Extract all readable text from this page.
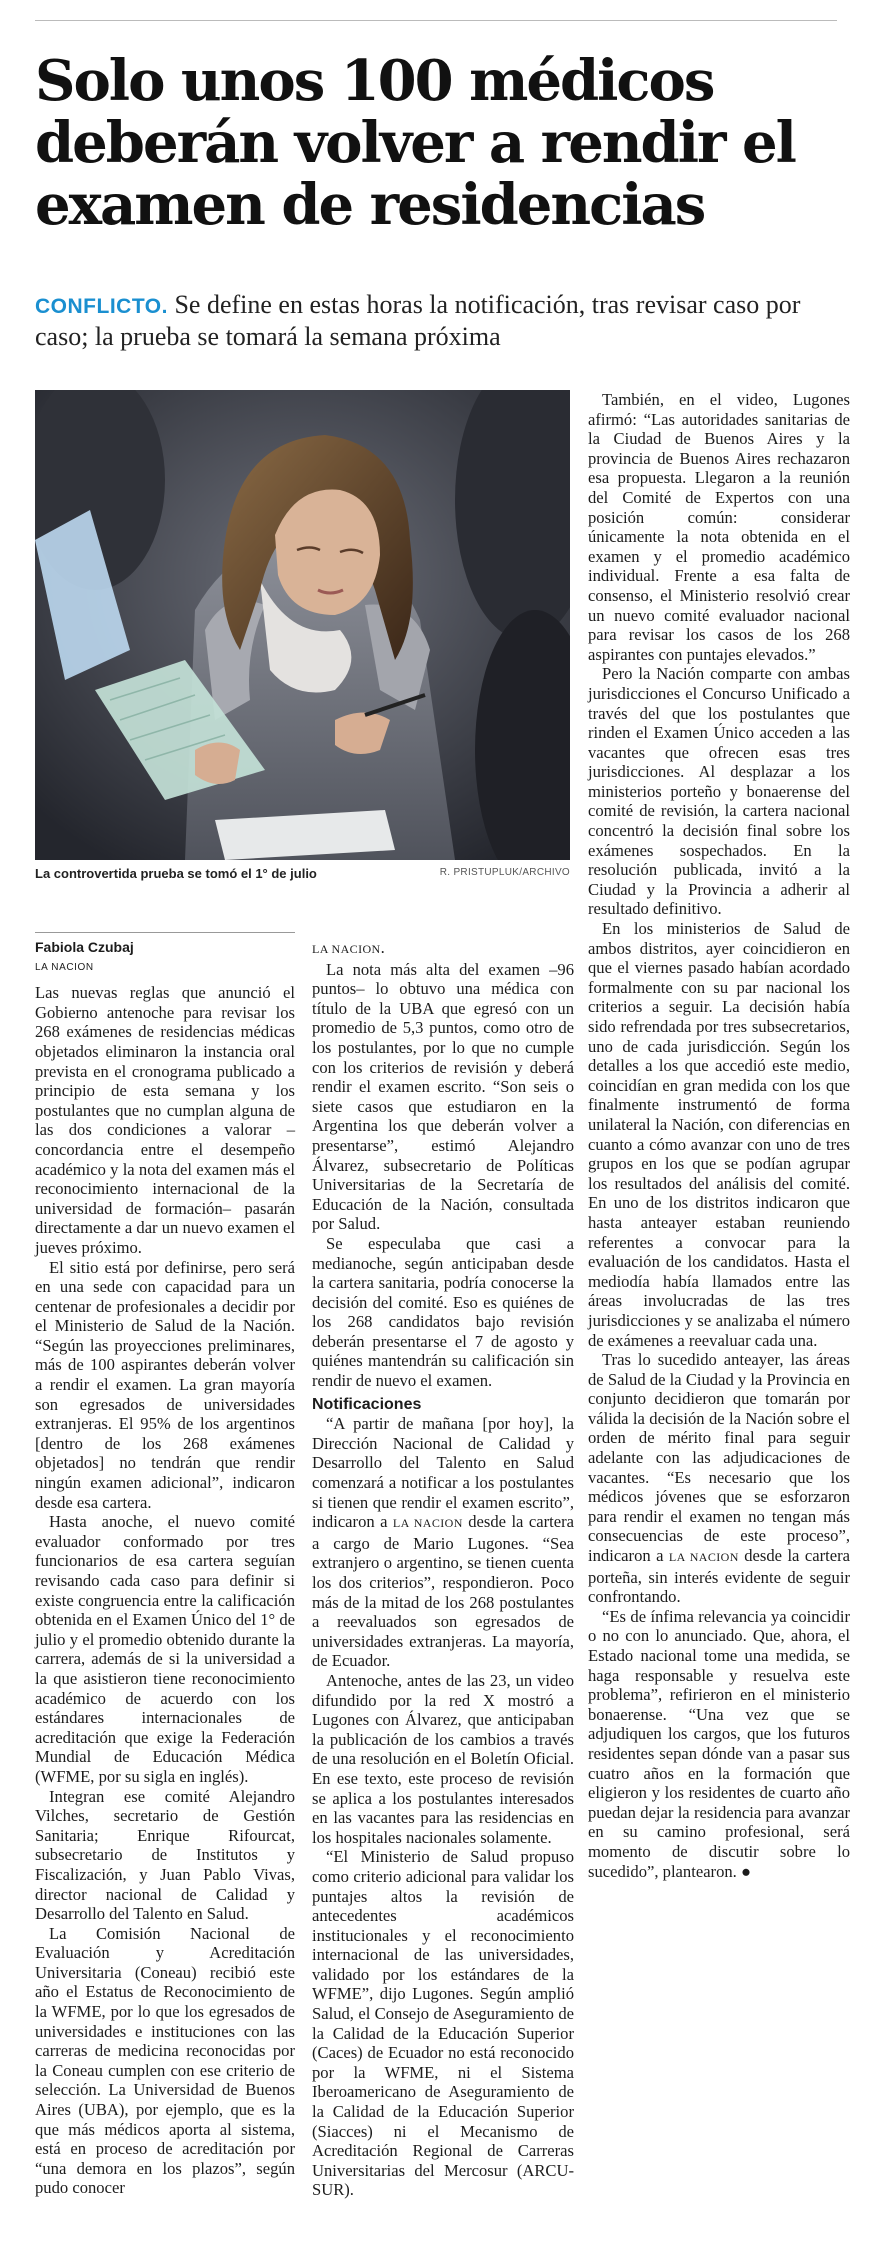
Solo unos 100 médicos deberán volver a rendir el examen de residencias
CONFLICTO. Se define en estas horas la notificación, tras revisar caso por caso; la prueba se tomará la semana próxima
La controvertida prueba se tomó el 1° de julio	R. PRISTUPLUK/ARCHIVO

Fabiola Czubaj

LA NACION

Las nuevas reglas que anunció el Gobierno antenoche para revisar los 268 exámenes de residencias médicas objetados eliminaron la instancia oral prevista en el cronograma publicado a principio de esta semana y los postulantes que no cumplan alguna de las dos condiciones a valorar –concordancia entre el desempeño académico y la nota del examen más el reconocimiento internacional de la universidad de formación– pasarán directamente a dar un nuevo examen el jueves próximo.

El sitio está por definirse, pero será en una sede con capacidad para un centenar de profesionales a decidir por el Ministerio de Salud de la Nación. “Según las proyecciones preliminares, más de 100 aspirantes deberán volver a rendir el examen. La gran mayoría son egresados de universidades extranjeras. El 95% de los argentinos [dentro de los 268 exámenes objetados] no tendrán que rendir ningún examen adicional”, indicaron desde esa cartera.

Hasta anoche, el nuevo comité evaluador conformado por tres funcionarios de esa cartera seguían revisando cada caso para definir si existe congruencia entre la calificación obtenida en el Examen Único del 1° de julio y el promedio obtenido durante la carrera, además de si la universidad a la que asistieron tiene reconocimiento académico de acuerdo con los estándares internacionales de acreditación que exige la Federación Mundial de Educación Médica (WFME, por su sigla en inglés).

Integran ese comité Alejandro Vilches, secretario de Gestión Sanitaria; Enrique Rifourcat, subsecretario de Institutos y Fiscalización, y Juan Pablo Vivas, director nacional de Calidad y Desarrollo del Talento en Salud.

La Comisión Nacional de Evaluación y Acreditación Universitaria (Coneau) recibió este año el Estatus de Reconocimiento de la WFME, por lo que los egresados de universidades e instituciones con las carreras de medicina reconocidas por la Coneau cumplen con ese criterio de selección. La Universidad de Buenos Aires (UBA), por ejemplo, que es la que más médicos aporta al sistema, está en proceso de acreditación por “una demora en los plazos”, según pudo conocer

LA NACION.

La nota más alta del examen –96 puntos– lo obtuvo una médica con título de la UBA que egresó con un promedio de 5,3 puntos, como otro de los postulantes, por lo que no cumple con los criterios de revisión y deberá rendir el examen escrito. “Son seis o siete casos que estudiaron en la Argentina los que deberán volver a presentarse”, estimó Alejandro Álvarez, subsecretario de Políticas Universitarias de la Secretaría de Educación de la Nación, consultada por Salud.

Se especulaba que casi a medianoche, según anticipaban desde la cartera sanitaria, podría conocerse la decisión del comité. Eso es quiénes de los 268 candidatos bajo revisión deberán presentarse el 7 de agosto y quiénes mantendrán su calificación sin rendir de nuevo el examen.

Notificaciones

“A partir de mañana [por hoy], la Dirección Nacional de Calidad y Desarrollo del Talento en Salud comenzará a notificar a los postulantes si tienen que rendir el examen escrito”, indicaron a LA NACION desde la cartera a cargo de Mario Lugones. “Sea extranjero o argentino, se tienen cuenta los dos criterios”, respondieron. Poco más de la mitad de los 268 postulantes a reevaluados son egresados de universidades extranjeras. La mayoría, de Ecuador.

Antenoche, antes de las 23, un video difundido por la red X mostró a Lugones con Álvarez, que anticipaban la publicación de los cambios a través de una resolución en el Boletín Oficial. En ese texto, este proceso de revisión se aplica a los postulantes interesados en las vacantes para las residencias en los hospitales nacionales solamente.

“El Ministerio de Salud propuso como criterio adicional para validar los puntajes altos la revisión de antecedentes académicos institucionales y el reconocimiento internacional de las universidades, validado por los estándares de la WFME”, dijo Lugones. Según amplió Salud, el Consejo de Aseguramiento de la Calidad de la Educación Superior (Caces) de Ecuador no está reconocido por la WFME, ni el Sistema Iberoamericano de Aseguramiento de la Calidad de la Educación Superior (Siacces) ni el Mecanismo de Acreditación Regional de Carreras Universitarias del Mercosur (ARCU-SUR).

También, en el video, Lugones afirmó: “Las autoridades sanitarias de la Ciudad de Buenos Aires y la provincia de Buenos Aires rechazaron esa propuesta. Llegaron a la reunión del Comité de Expertos con una posición común: considerar únicamente la nota obtenida en el examen y el promedio académico individual. Frente a esa falta de consenso, el Ministerio resolvió crear un nuevo comité evaluador nacional para revisar los casos de los 268 aspirantes con puntajes elevados.”

Pero la Nación comparte con ambas jurisdicciones el Concurso Unificado a través del que los postulantes que rinden el Examen Único acceden a las vacantes que ofrecen esas tres jurisdicciones. Al desplazar a los ministerios porteño y bonaerense del comité de revisión, la cartera nacional concentró la decisión final sobre los exámenes sospechados. En la resolución publicada, invitó a la Ciudad y la Provincia a adherir al resultado definitivo.

En los ministerios de Salud de ambos distritos, ayer coincidieron en que el viernes pasado habían acordado formalmente con su par nacional los criterios a seguir. La decisión había sido refrendada por tres subsecretarios, uno de cada jurisdicción. Según los detalles a los que accedió este medio, coincidían en gran medida con los que finalmente instrumentó de forma unilateral la Nación, con diferencias en cuanto a cómo avanzar con uno de tres grupos en los que se podían agrupar los resultados del análisis del comité. En uno de los distritos indicaron que hasta anteayer estaban reuniendo referentes a convocar para la evaluación de los candidatos. Hasta el mediodía había llamados entre las áreas involucradas de las tres jurisdicciones y se analizaba el número de exámenes a reevaluar cada una.

Tras lo sucedido anteayer, las áreas de Salud de la Ciudad y la Provincia en conjunto decidieron que tomarán por válida la decisión de la Nación sobre el orden de mérito final para seguir adelante con las adjudicaciones de vacantes. “Es necesario que los médicos jóvenes que se esforzaron para rendir el examen no tengan más consecuencias de este proceso”, indicaron a LA NACION desde la cartera porteña, sin interés evidente de seguir confrontando.

“Es de ínfima relevancia ya coincidir o no con lo anunciado. Que, ahora, el Estado nacional tome una medida, se haga responsable y resuelva este problema”, refirieron en el ministerio bonaerense. “Una vez que se adjudiquen los cargos, que los futuros residentes sepan dónde van a pasar sus cuatro años en la formación que eligieron y los residentes de cuarto año puedan dejar la residencia para avanzar en su camino profesional, será momento de discutir sobre lo sucedido”, plantearon. ●
